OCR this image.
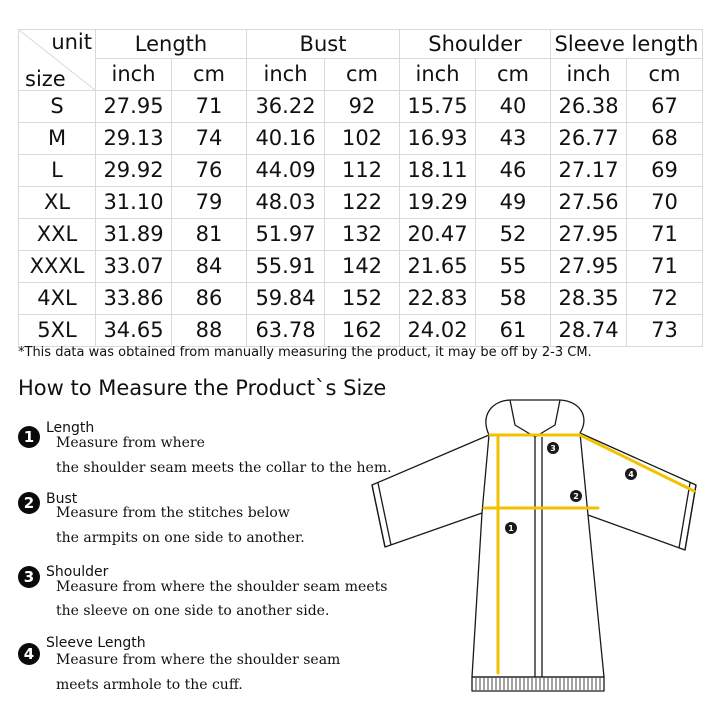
unit
size	Length		Bust		Shoulder		Sleeve length	
	inch	cm	inch	cm	inch	cm	inch	cm
S	27.95	71	36.22	92	15.75	40	26.38	67
M	29.13	74	40.16	102	16.93	43	26.77	68
L	29.92	76	44.09	112	18.11	46	27.17	69
XL	31.10	79	48.03	122	19.29	49	27.56	70
XXL	31.89	81	51.97	132	20.47	52	27.95	71
XXXL	33.07	84	55.91	142	21.65	55	27.95	71
4XL	33.86	86	59.84	152	22.83	58	28.35	72
5XL	34.65	88	63.78	162	24.02	61	28.74	73
*This data was obtained from manually measuring the product, it may be off by 2-3 CM.
How to Measure the Product`s Size
1 Length
Measure from where
the shoulder seam meets the collar to the hem.
2 Bust
Measure from the stitches below
the armpits on one side to another.
3 Shoulder
Measure from where the shoulder seam meets
the sleeve on one side to another side.
4
Sleeve Length
Measure from where the shoulder seam
meets armhole to the cuff.
1
2
3
4
